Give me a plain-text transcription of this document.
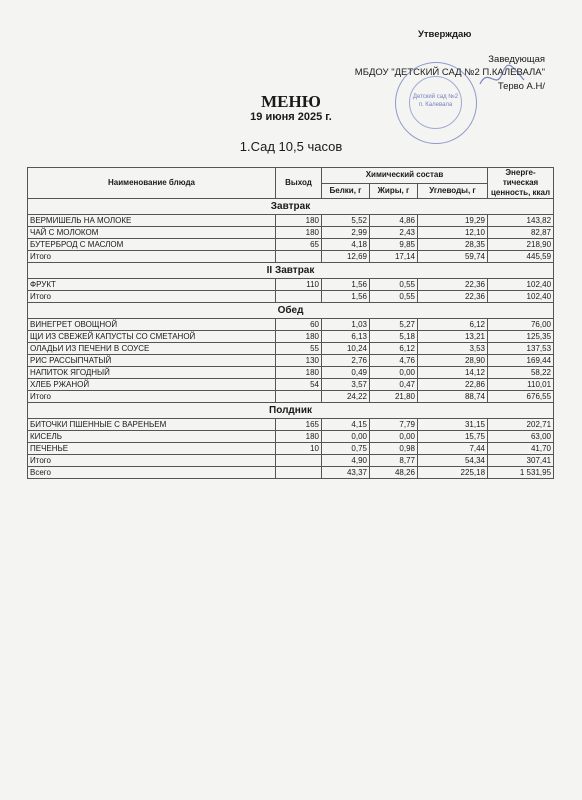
Утверждаю
Заведующая
МБДОУ "ДЕТСКИЙ САД №2 П.КАЛЕВАЛА"
Терво А.Н/
Детский сад №2
п. Калевала
МЕНЮ
19 июня 2025 г.
1.Сад 10,5 часов
Наименование блюда	Выход	Химический состав			Энерге-тическая ценность, ккал
		Белки, г	Жиры, г	Углеводы, г	
Завтрак					
ВЕРМИШЕЛЬ НА МОЛОКЕ	180	5,52	4,86	19,29	143,82
ЧАЙ С МОЛОКОМ	180	2,99	2,43	12,10	82,87
БУТЕРБРОД С МАСЛОМ	65	4,18	9,85	28,35	218,90
Итого		12,69	17,14	59,74	445,59
II Завтрак					
ФРУКТ	110	1,56	0,55	22,36	102,40
Итого		1,56	0,55	22,36	102,40
Обед					
ВИНЕГРЕТ ОВОЩНОЙ	60	1,03	5,27	6,12	76,00
ЩИ ИЗ СВЕЖЕЙ КАПУСТЫ СО СМЕТАНОЙ	180	6,13	5,18	13,21	125,35
ОЛАДЬИ ИЗ ПЕЧЕНИ В СОУСЕ	55	10,24	6,12	3,53	137,53
РИС РАССЫПЧАТЫЙ	130	2,76	4,76	28,90	169,44
НАПИТОК ЯГОДНЫЙ	180	0,49	0,00	14,12	58,22
ХЛЕБ РЖАНОЙ	54	3,57	0,47	22,86	110,01
Итого		24,22	21,80	88,74	676,55
Полдник					
БИТОЧКИ ПШЕННЫЕ С ВАРЕНЬЕМ	165	4,15	7,79	31,15	202,71
КИСЕЛЬ	180	0,00	0,00	15,75	63,00
ПЕЧЕНЬЕ	10	0,75	0,98	7,44	41,70
Итого		4,90	8,77	54,34	307,41
Всего		43,37	48,26	225,18	1 531,95
